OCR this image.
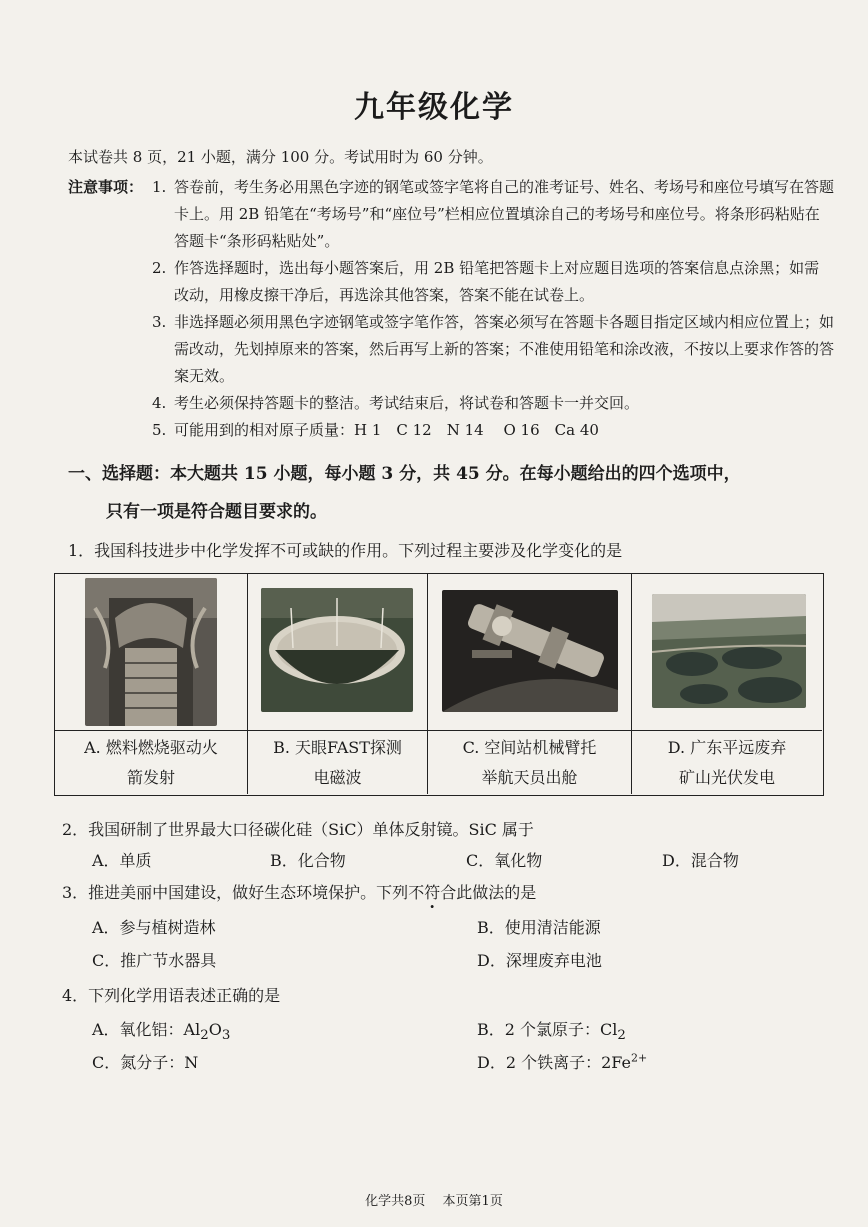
九年级化学
本试卷共 8 页，21 小题，满分 100 分。考试用时为 60 分钟。
注意事项： 1. 答卷前，考生务必用黑色字迹的钢笔或签字笔将自己的准考证号、姓名、考场号和座位号填写在答题卡上。用 2B 铅笔在“考场号”和“座位号”栏相应位置填涂自己的考场号和座位号。将条形码粘贴在答题卡“条形码粘贴处”。
2. 作答选择题时，选出每小题答案后，用 2B 铅笔把答题卡上对应题目选项的答案信息点涂黑；如需改动，用橡皮擦干净后，再选涂其他答案，答案不能在试卷上。
3. 非选择题必须用黑色字迹钢笔或签字笔作答，答案必须写在答题卡各题目指定区域内相应位置上；如需改动，先划掉原来的答案，然后再写上新的答案；不准使用铅笔和涂改液，不按以上要求作答的答案无效。
4. 考生必须保持答题卡的整洁。考试结束后，将试卷和答题卡一并交回。
5. 可能用到的相对原子质量：H 1　C 12　N 14　 O 16　Ca 40
一、选择题：本大题共 15 小题，每小题 3 分，共 45 分。在每小题给出的四个选项中，
只有一项是符合题目要求的。
1．我国科技进步中化学发挥不可或缺的作用。下列过程主要涉及化学变化的是
A. 燃料燃烧驱动火
箭发射
B. 天眼FAST探测
电磁波
C. 空间站机械臂托
举航天员出舱
D. 广东平远废弃
矿山光伏发电
2．我国研制了世界最大口径碳化硅（SiC）单体反射镜。SiC 属于
A．单质	B．化合物	C．氧化物	D．混合物
3．推进美丽中国建设，做好生态环境保护。下列不符合此做法的是
A．参与植树造林	B．使用清洁能源
C．推广节水器具	D．深埋废弃电池
4．下列化学用语表述正确的是
A．氧化铝：$Al_2O_3$	B．2 个氯原子：$Cl_2$
C．氮分子：N	D．2 个铁离子：$2Fe^{2+}$
化学共8页　 本页第1页
